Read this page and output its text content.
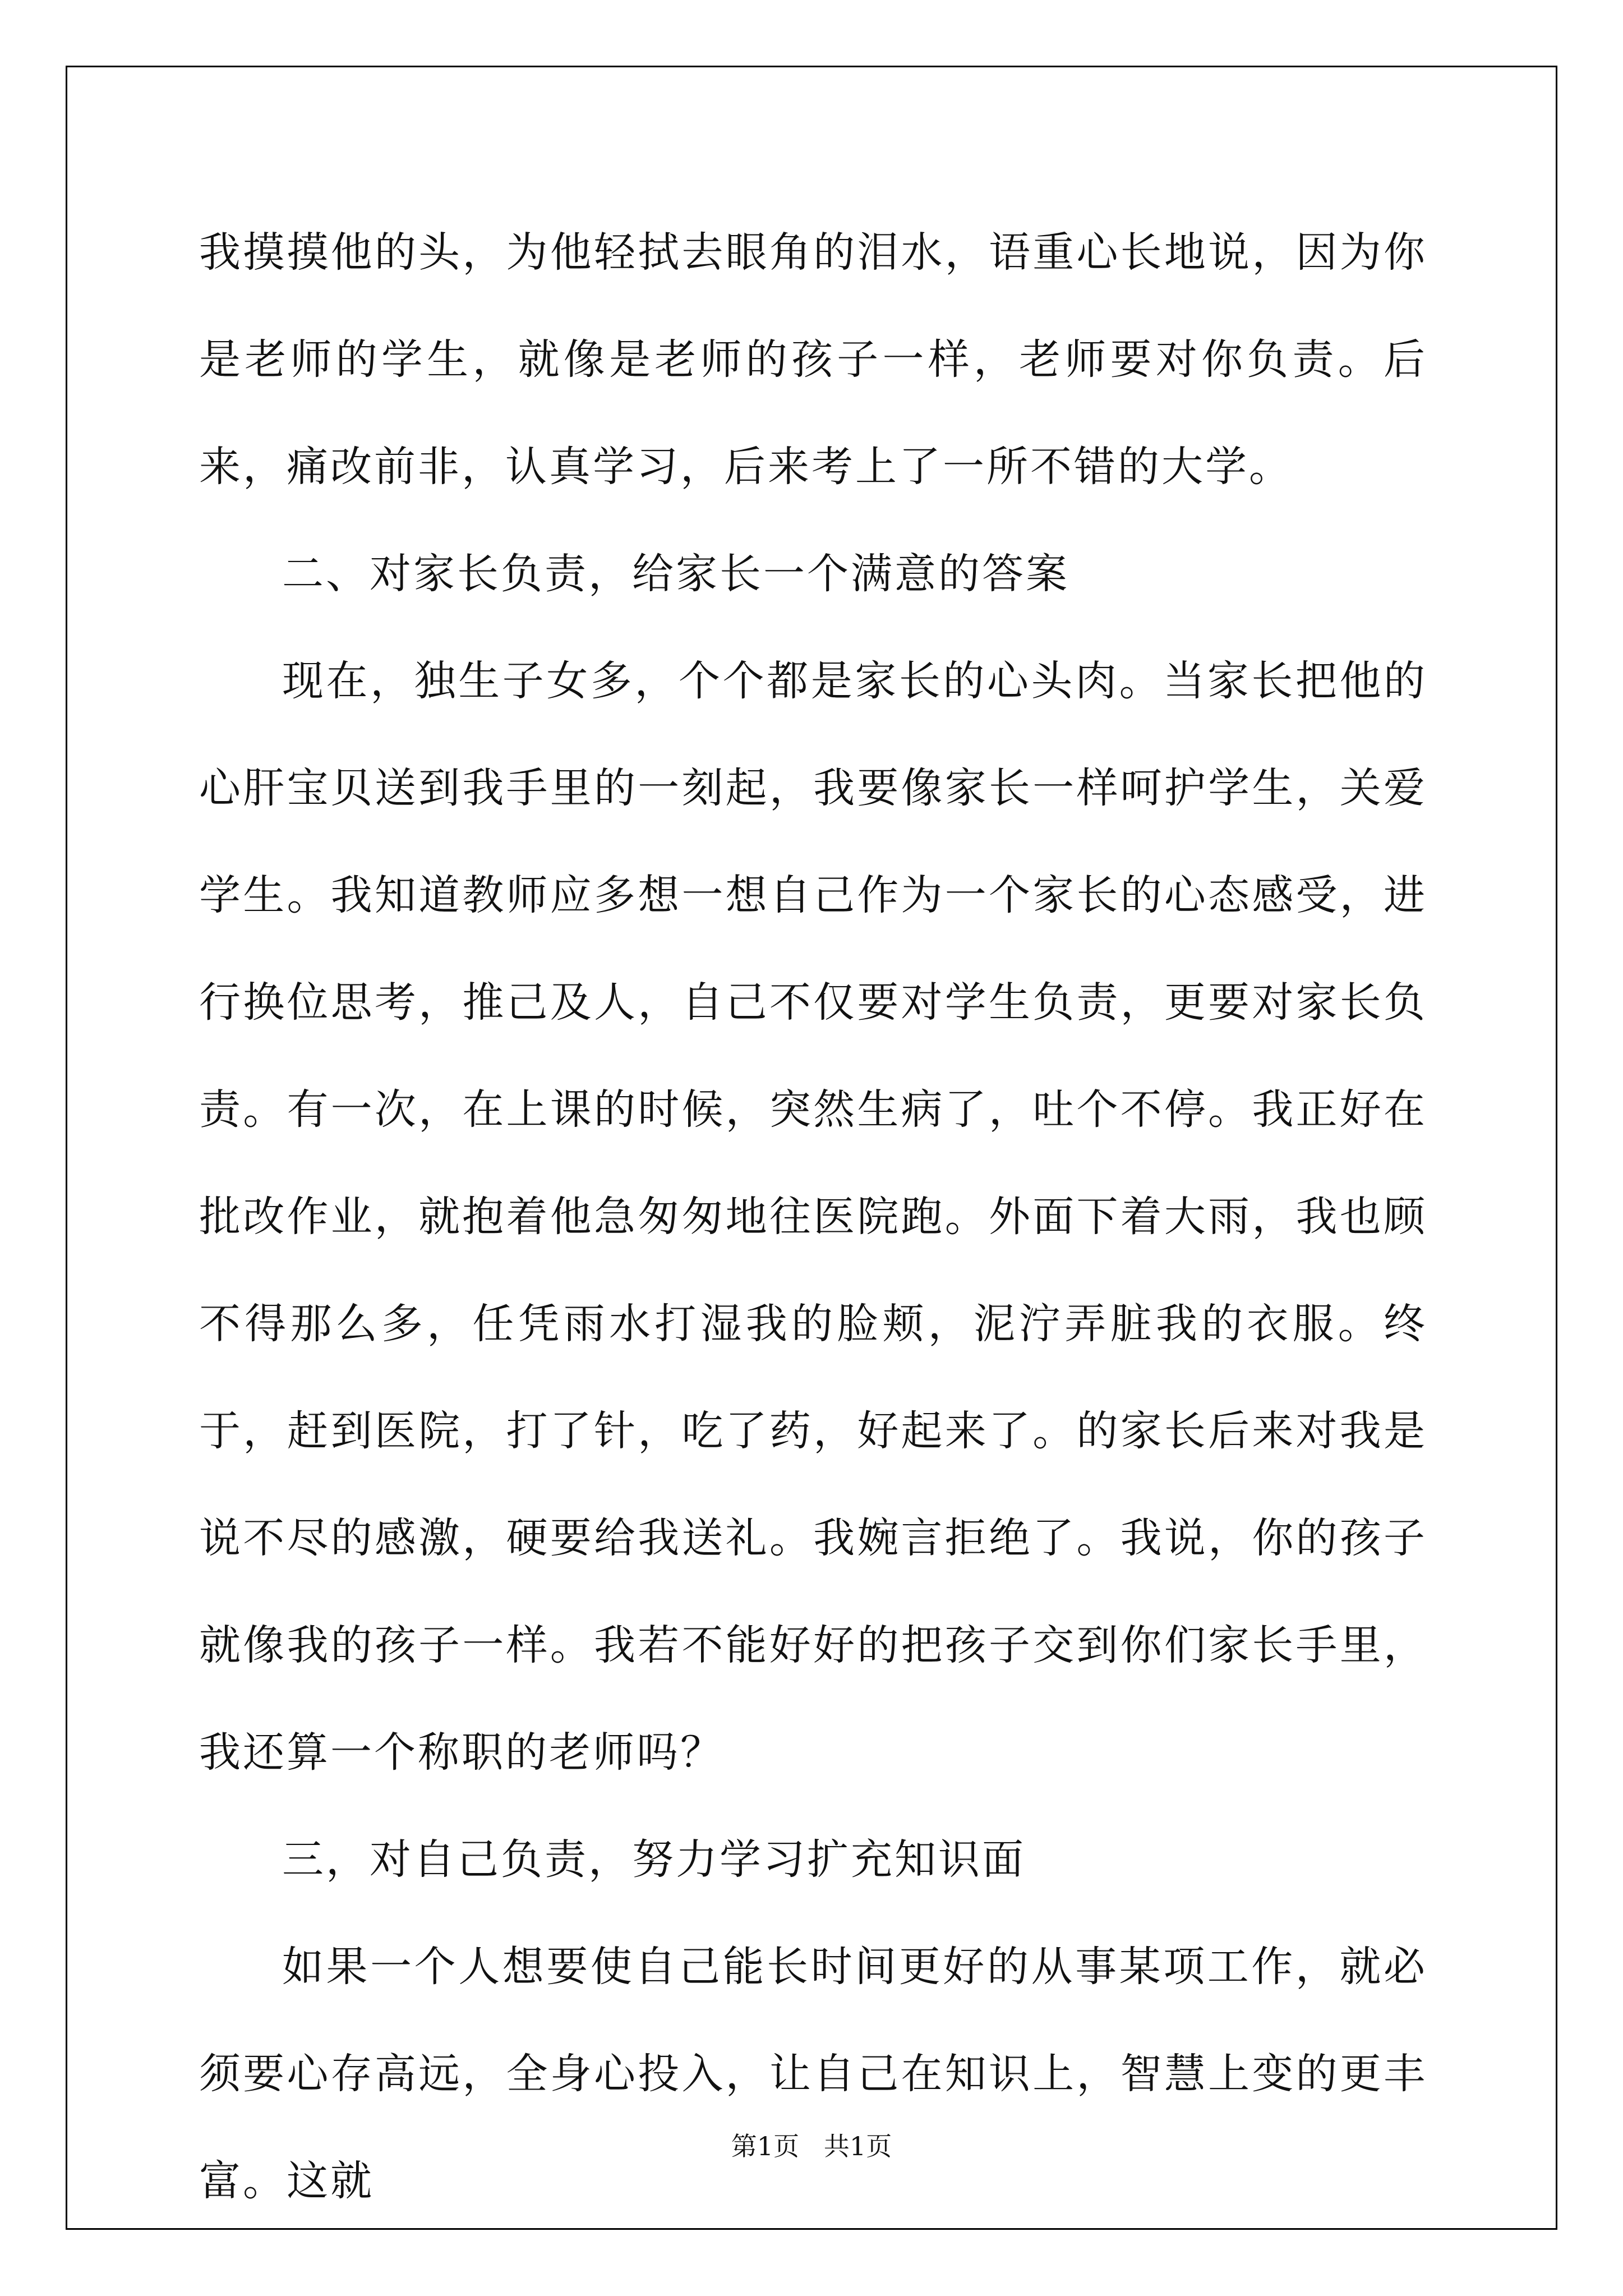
我摸摸他的头，为他轻拭去眼角的泪水，语重心长地说，因为你是老师的学生，就像是老师的孩子一样，老师要对你负责。后来，痛改前非，认真学习，后来考上了一所不错的大学。

二、对家长负责，给家长一个满意的答案

现在，独生子女多，个个都是家长的心头肉。当家长把他的心肝宝贝送到我手里的一刻起，我要像家长一样呵护学生，关爱学生。我知道教师应多想一想自己作为一个家长的心态感受，进行换位思考，推己及人，自己不仅要对学生负责，更要对家长负责。有一次，在上课的时候，突然生病了，吐个不停。我正好在批改作业，就抱着他急匆匆地往医院跑。外面下着大雨，我也顾不得那么多，任凭雨水打湿我的脸颊，泥泞弄脏我的衣服。终于，赶到医院，打了针，吃了药，好起来了。的家长后来对我是说不尽的感激，硬要给我送礼。我婉言拒绝了。我说，你的孩子就像我的孩子一样。我若不能好好的把孩子交到你们家长手里，我还算一个称职的老师吗？

三，对自己负责，努力学习扩充知识面

如果一个人想要使自己能长时间更好的从事某项工作，就必须要心存高远，全身心投入，让自己在知识上，智慧上变的更丰富。这就

第1页   共1页
